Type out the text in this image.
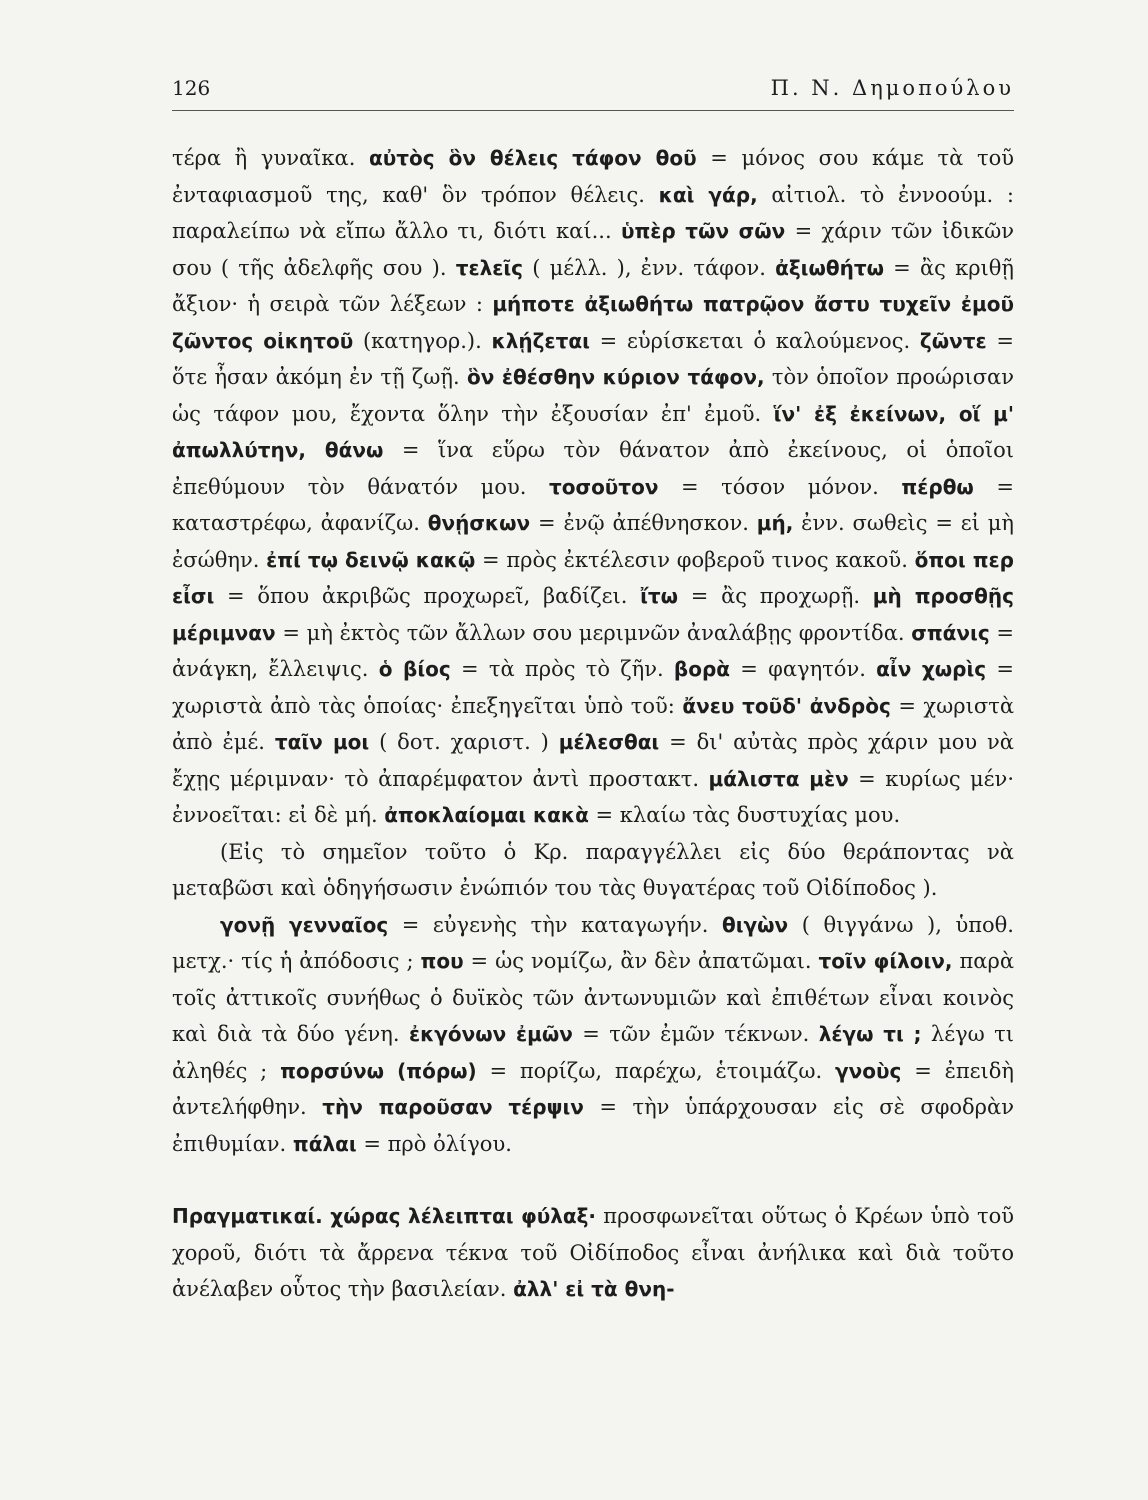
126	Π. Ν. Δημοπούλου

τέρα ἢ γυναῖκα. αὐτὸς ὃν θέλεις τάφον θοῦ = μόνος σου κάμε τὰ τοῦ ἐνταφιασμοῦ της, καθ' ὃν τρόπον θέλεις. καὶ γάρ, αἰτιολ. τὸ ἐννοούμ. : παραλείπω νὰ εἴπω ἄλλο τι, διότι καί... ὑπὲρ τῶν σῶν = χάριν τῶν ἰδικῶν σου ( τῆς ἀδελφῆς σου ). τελεῖς ( μέλλ. ), ἐνν. τάφον. ἀξιωθήτω = ἂς κριθῇ ἄξιον· ἡ σειρὰ τῶν λέξεων : μήποτε ἀξιωθήτω πατρῷον ἄστυ τυχεῖν ἐμοῦ ζῶντος οἰκητοῦ (κατηγορ.). κλῄζεται = εὑρίσκεται ὁ καλούμενος. ζῶντε = ὅτε ἦσαν ἀκόμη ἐν τῇ ζωῇ. ὃν ἐθέσθην κύριον τάφον, τὸν ὁποῖον προώρισαν ὡς τάφον μου, ἔχοντα ὅλην τὴν ἐξουσίαν ἐπ' ἐμοῦ. ἵν' ἐξ ἐκείνων, οἵ μ' ἀπωλλύτην, θάνω = ἵνα εὕρω τὸν θάνατον ἀπὸ ἐκείνους, οἱ ὁποῖοι ἐπεθύμουν τὸν θάνατόν μου. τοσοῦτον = τόσον μόνον. πέρθω = καταστρέφω, ἀφανίζω. θνῄσκων = ἐνῷ ἀπέθνησκον. μή, ἐνν. σωθεὶς = εἰ μὴ ἐσώθην. ἐπί τῳ δεινῷ κακῷ = πρὸς ἐκτέλεσιν φοβεροῦ τινος κακοῦ. ὅποι περ εἶσι = ὅπου ἀκριβῶς προχωρεῖ, βαδίζει. ἴτω = ἂς προχωρῇ. μὴ προσθῇς μέριμναν = μὴ ἐκτὸς τῶν ἄλλων σου μεριμνῶν ἀναλάβῃς φροντίδα. σπάνις = ἀνάγκη, ἔλλειψις. ὁ βίος = τὰ πρὸς τὸ ζῆν. βορὰ = φαγητόν. αἶν χωρὶς = χωριστὰ ἀπὸ τὰς ὁποίας· ἐπεξηγεῖται ὑπὸ τοῦ: ἄνευ τοῦδ' ἀνδρὸς = χωριστὰ ἀπὸ ἐμέ. ταῖν μοι ( δοτ. χαριστ. ) μέλεσθαι = δι' αὐτὰς πρὸς χάριν μου νὰ ἔχῃς μέριμναν· τὸ ἀπαρέμφατον ἀντὶ προστακτ. μάλιστα μὲν = κυρίως μέν· ἐννοεῖται: εἰ δὲ μή. ἀποκλαίομαι κακὰ = κλαίω τὰς δυστυχίας μου.

(Εἰς τὸ σημεῖον τοῦτο ὁ Κρ. παραγγέλλει εἰς δύο θεράποντας νὰ μεταβῶσι καὶ ὁδηγήσωσιν ἐνώπιόν του τὰς θυγατέρας τοῦ Οἰδίποδος ).

γονῇ γενναῖος = εὐγενὴς τὴν καταγωγήν. θιγὼν ( θιγγάνω ), ὑποθ. μετχ.· τίς ἡ ἀπόδοσις ; που = ὡς νομίζω, ἂν δὲν ἀπατῶμαι. τοῖν φίλοιν, παρὰ τοῖς ἀττικοῖς συνήθως ὁ δυϊκὸς τῶν ἀντωνυμιῶν καὶ ἐπιθέτων εἶναι κοινὸς καὶ διὰ τὰ δύο γένη. ἐκγόνων ἐμῶν = τῶν ἐμῶν τέκνων. λέγω τι ; λέγω τι ἀληθές ; πορσύνω (πόρω) = πορίζω, παρέχω, ἑτοιμάζω. γνοὺς = ἐπειδὴ ἀντελήφθην. τὴν παροῦσαν τέρψιν = τὴν ὑπάρχουσαν εἰς σὲ σφοδρὰν ἐπιθυμίαν. πάλαι = πρὸ ὀλίγου.

Πραγματικαί. χώρας λέλειπται φύλαξ· προσφωνεῖται οὕτως ὁ Κρέων ὑπὸ τοῦ χοροῦ, διότι τὰ ἄρρενα τέκνα τοῦ Οἰδίποδος εἶναι ἀνήλικα καὶ διὰ τοῦτο ἀνέλαβεν οὗτος τὴν βασιλείαν. ἀλλ' εἰ τὰ θνη-
